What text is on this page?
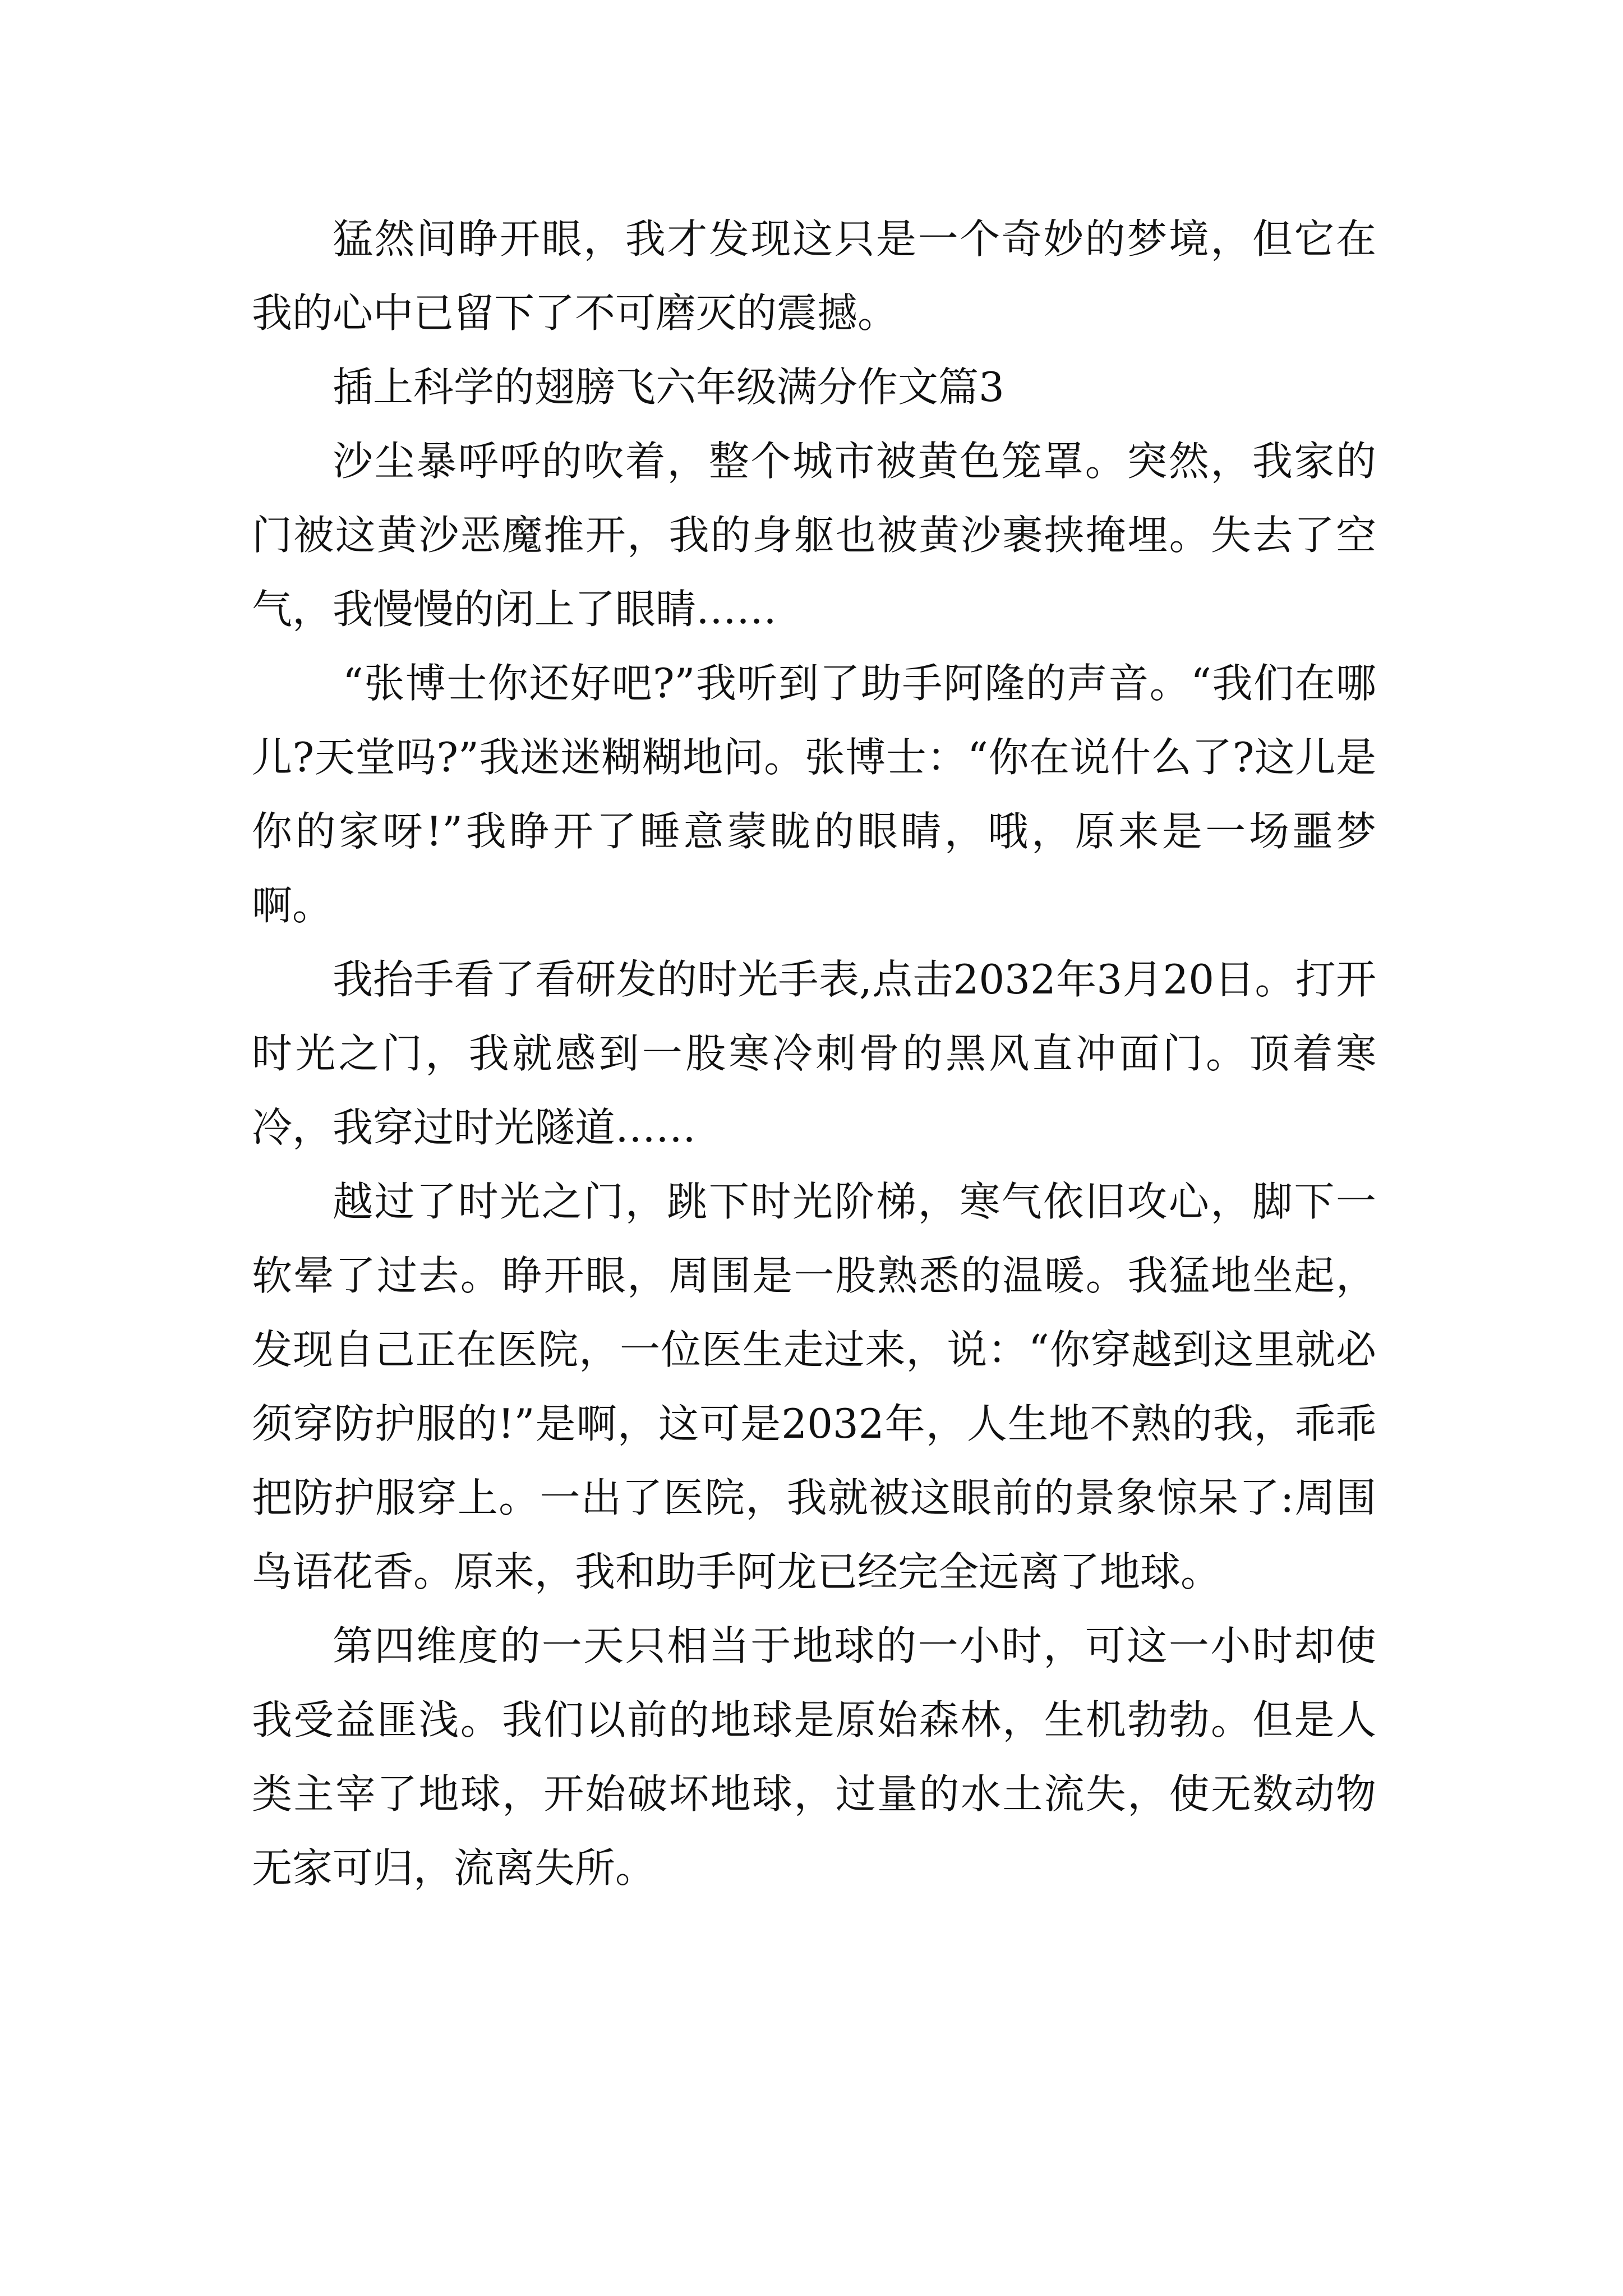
猛然间睁开眼，我才发现这只是一个奇妙的梦境，但它在我的心中已留下了不可磨灭的震撼。

插上科学的翅膀飞六年级满分作文篇3

沙尘暴呼呼的吹着，整个城市被黄色笼罩。突然，我家的门被这黄沙恶魔推开，我的身躯也被黄沙裹挟掩埋。失去了空气，我慢慢的闭上了眼睛……

“张博士你还好吧?”我听到了助手阿隆的声音。“我们在哪儿?天堂吗?”我迷迷糊糊地问。张博士：“你在说什么了?这儿是你的家呀!”我睁开了睡意蒙眬的眼睛，哦，原来是一场噩梦啊。

我抬手看了看研发的时光手表,点击2032年3月20日。打开时光之门，我就感到一股寒冷刺骨的黑风直冲面门。顶着寒冷，我穿过时光隧道……

越过了时光之门，跳下时光阶梯，寒气依旧攻心，脚下一软晕了过去。睁开眼，周围是一股熟悉的温暖。我猛地坐起，发现自己正在医院，一位医生走过来，说：“你穿越到这里就必须穿防护服的!”是啊，这可是2032年，人生地不熟的我，乖乖把防护服穿上。一出了医院，我就被这眼前的景象惊呆了:周围鸟语花香。原来，我和助手阿龙已经完全远离了地球。

第四维度的一天只相当于地球的一小时，可这一小时却使我受益匪浅。我们以前的地球是原始森林，生机勃勃。但是人类主宰了地球，开始破坏地球，过量的水土流失，使无数动物无家可归，流离失所。
